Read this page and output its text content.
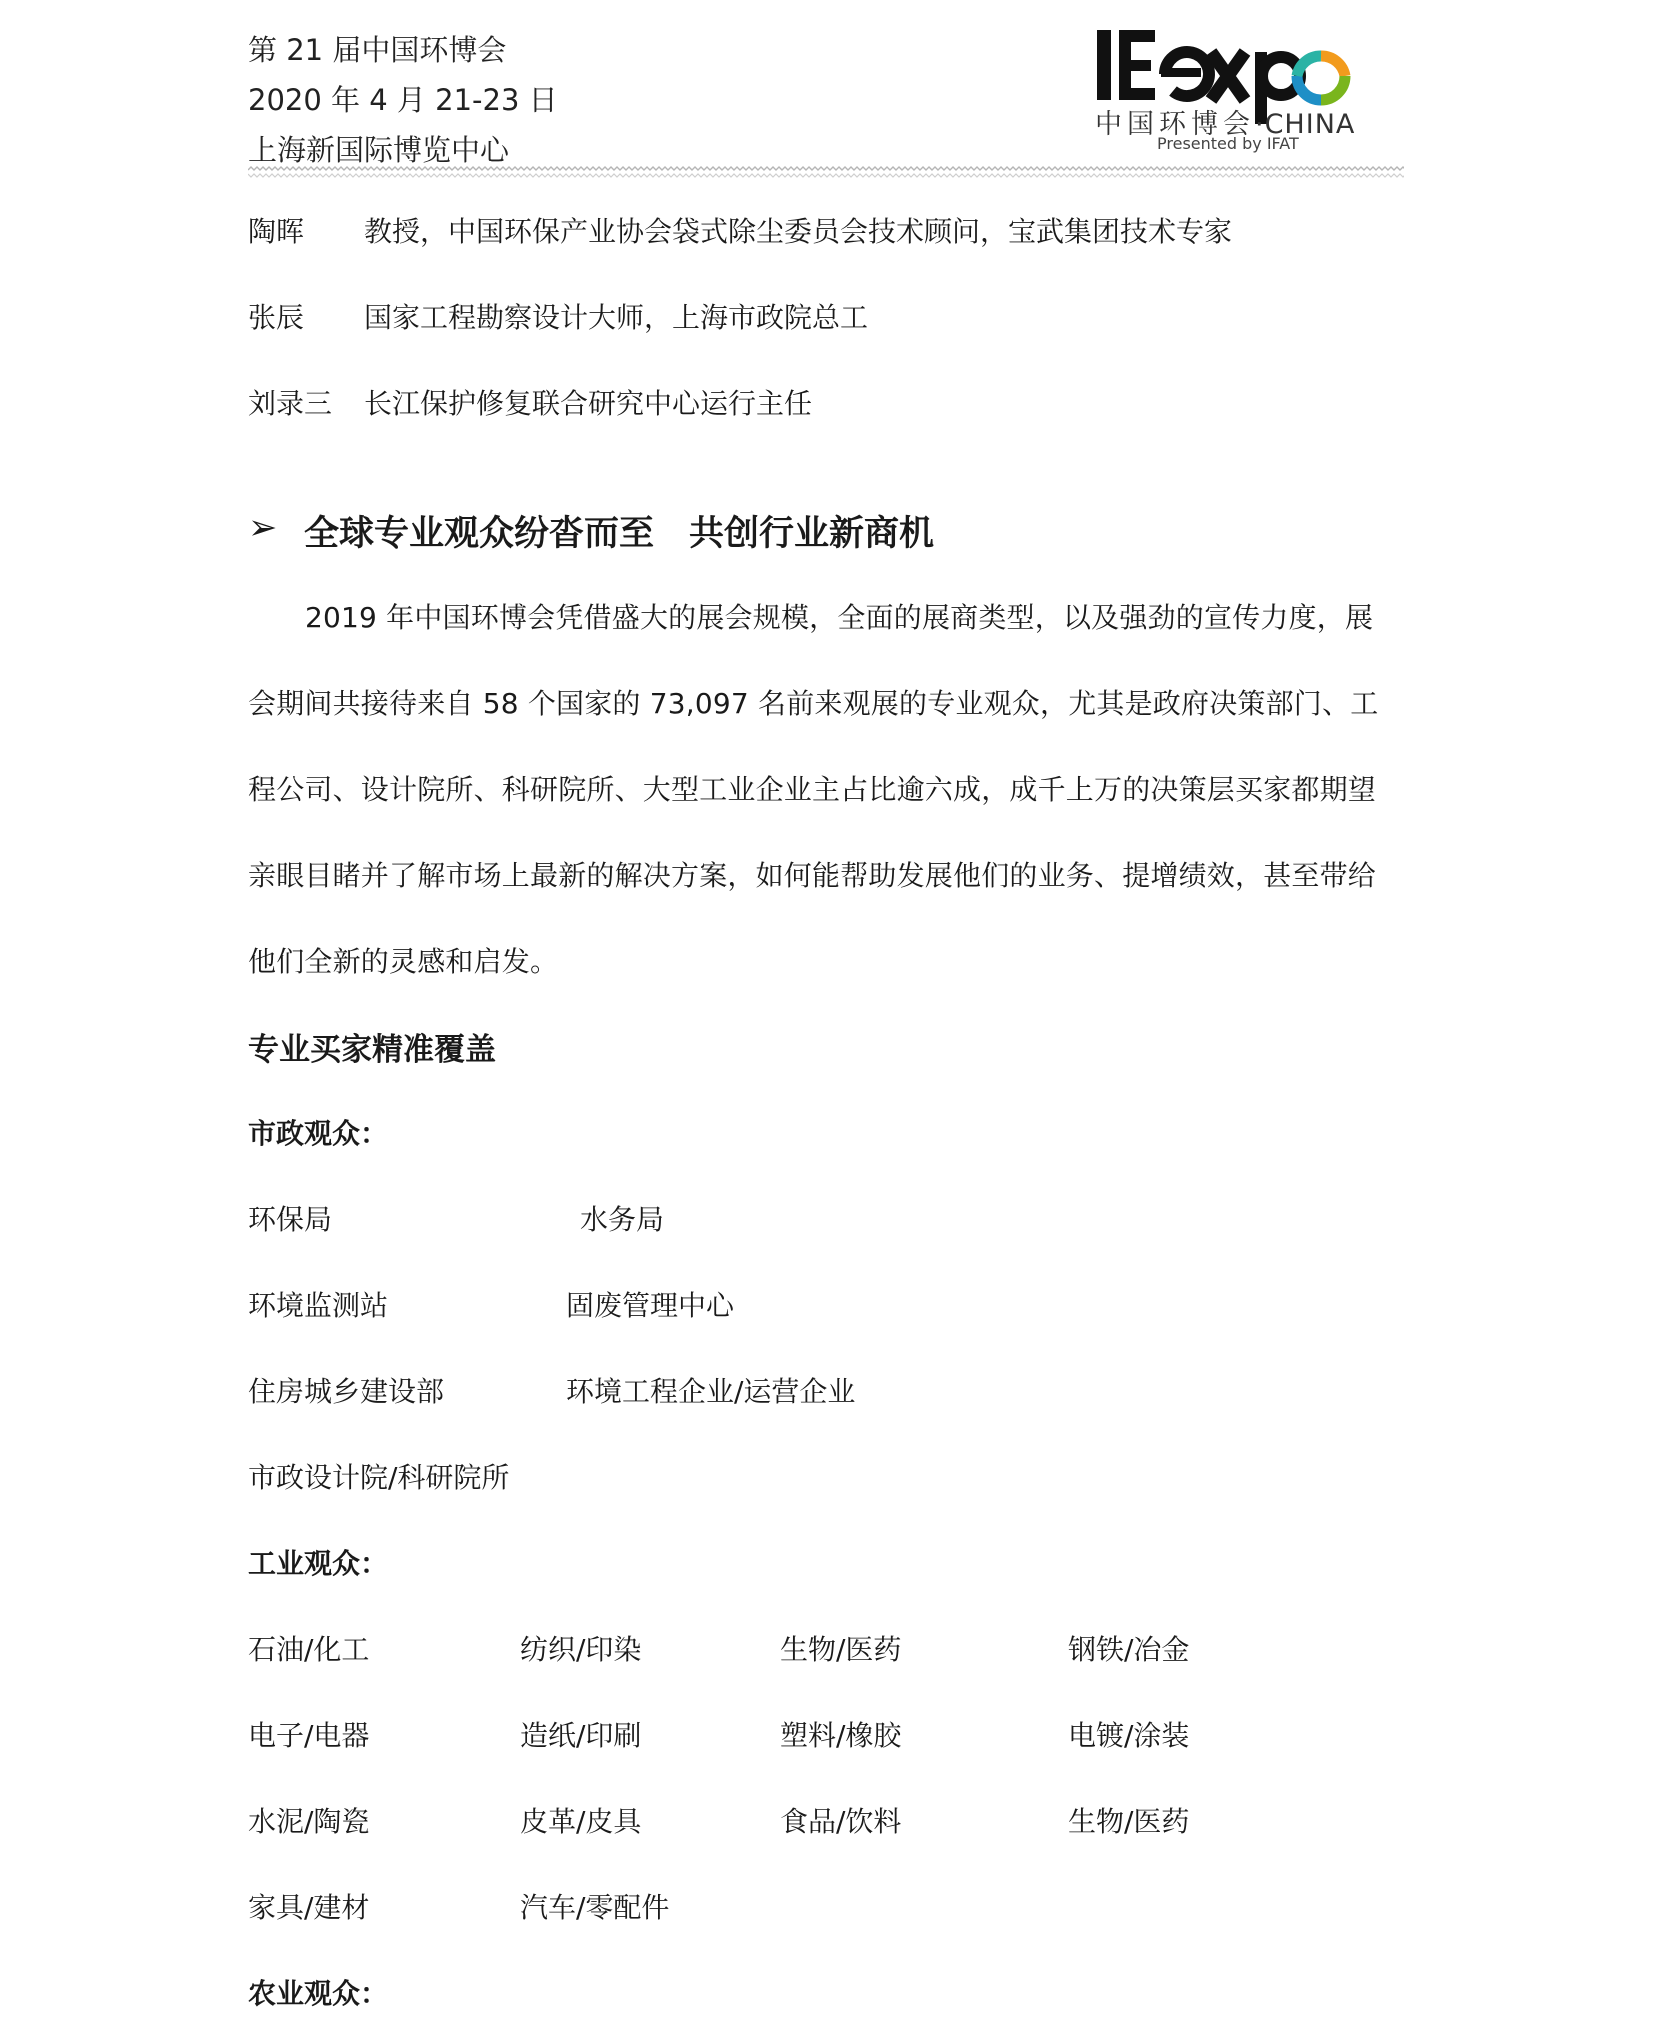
第 21 届中国环博会
2020 年 4 月 21-23 日
上海新国际博览中心
中国环博会·CHINA
Presented by IFAT
陶晖 教授，中国环保产业协会袋式除尘委员会技术顾问，宝武集团技术专家
张辰 国家工程勘察设计大师，上海市政院总工
刘录三 长江保护修复联合研究中心运行主任
➢ 全球专业观众纷沓而至　共创行业新商机
2019 年中国环博会凭借盛大的展会规模，全面的展商类型，以及强劲的宣传力度，展
会期间共接待来自 58 个国家的 73,097 名前来观展的专业观众，尤其是政府决策部门、工
程公司、设计院所、科研院所、大型工业企业主占比逾六成，成千上万的决策层买家都期望
亲眼目睹并了解市场上最新的解决方案，如何能帮助发展他们的业务、提增绩效，甚至带给
他们全新的灵感和启发。
专业买家精准覆盖
市政观众：
环保局	水务局
环境监测站	固废管理中心
住房城乡建设部	环境工程企业/运营企业
市政设计院/科研院所
工业观众：
石油/化工	纺织/印染	生物/医药	钢铁/冶金
电子/电器	造纸/印刷	塑料/橡胶	电镀/涂装
水泥/陶瓷	皮革/皮具	食品/饮料	生物/医药
家具/建材	汽车/零配件
农业观众：
